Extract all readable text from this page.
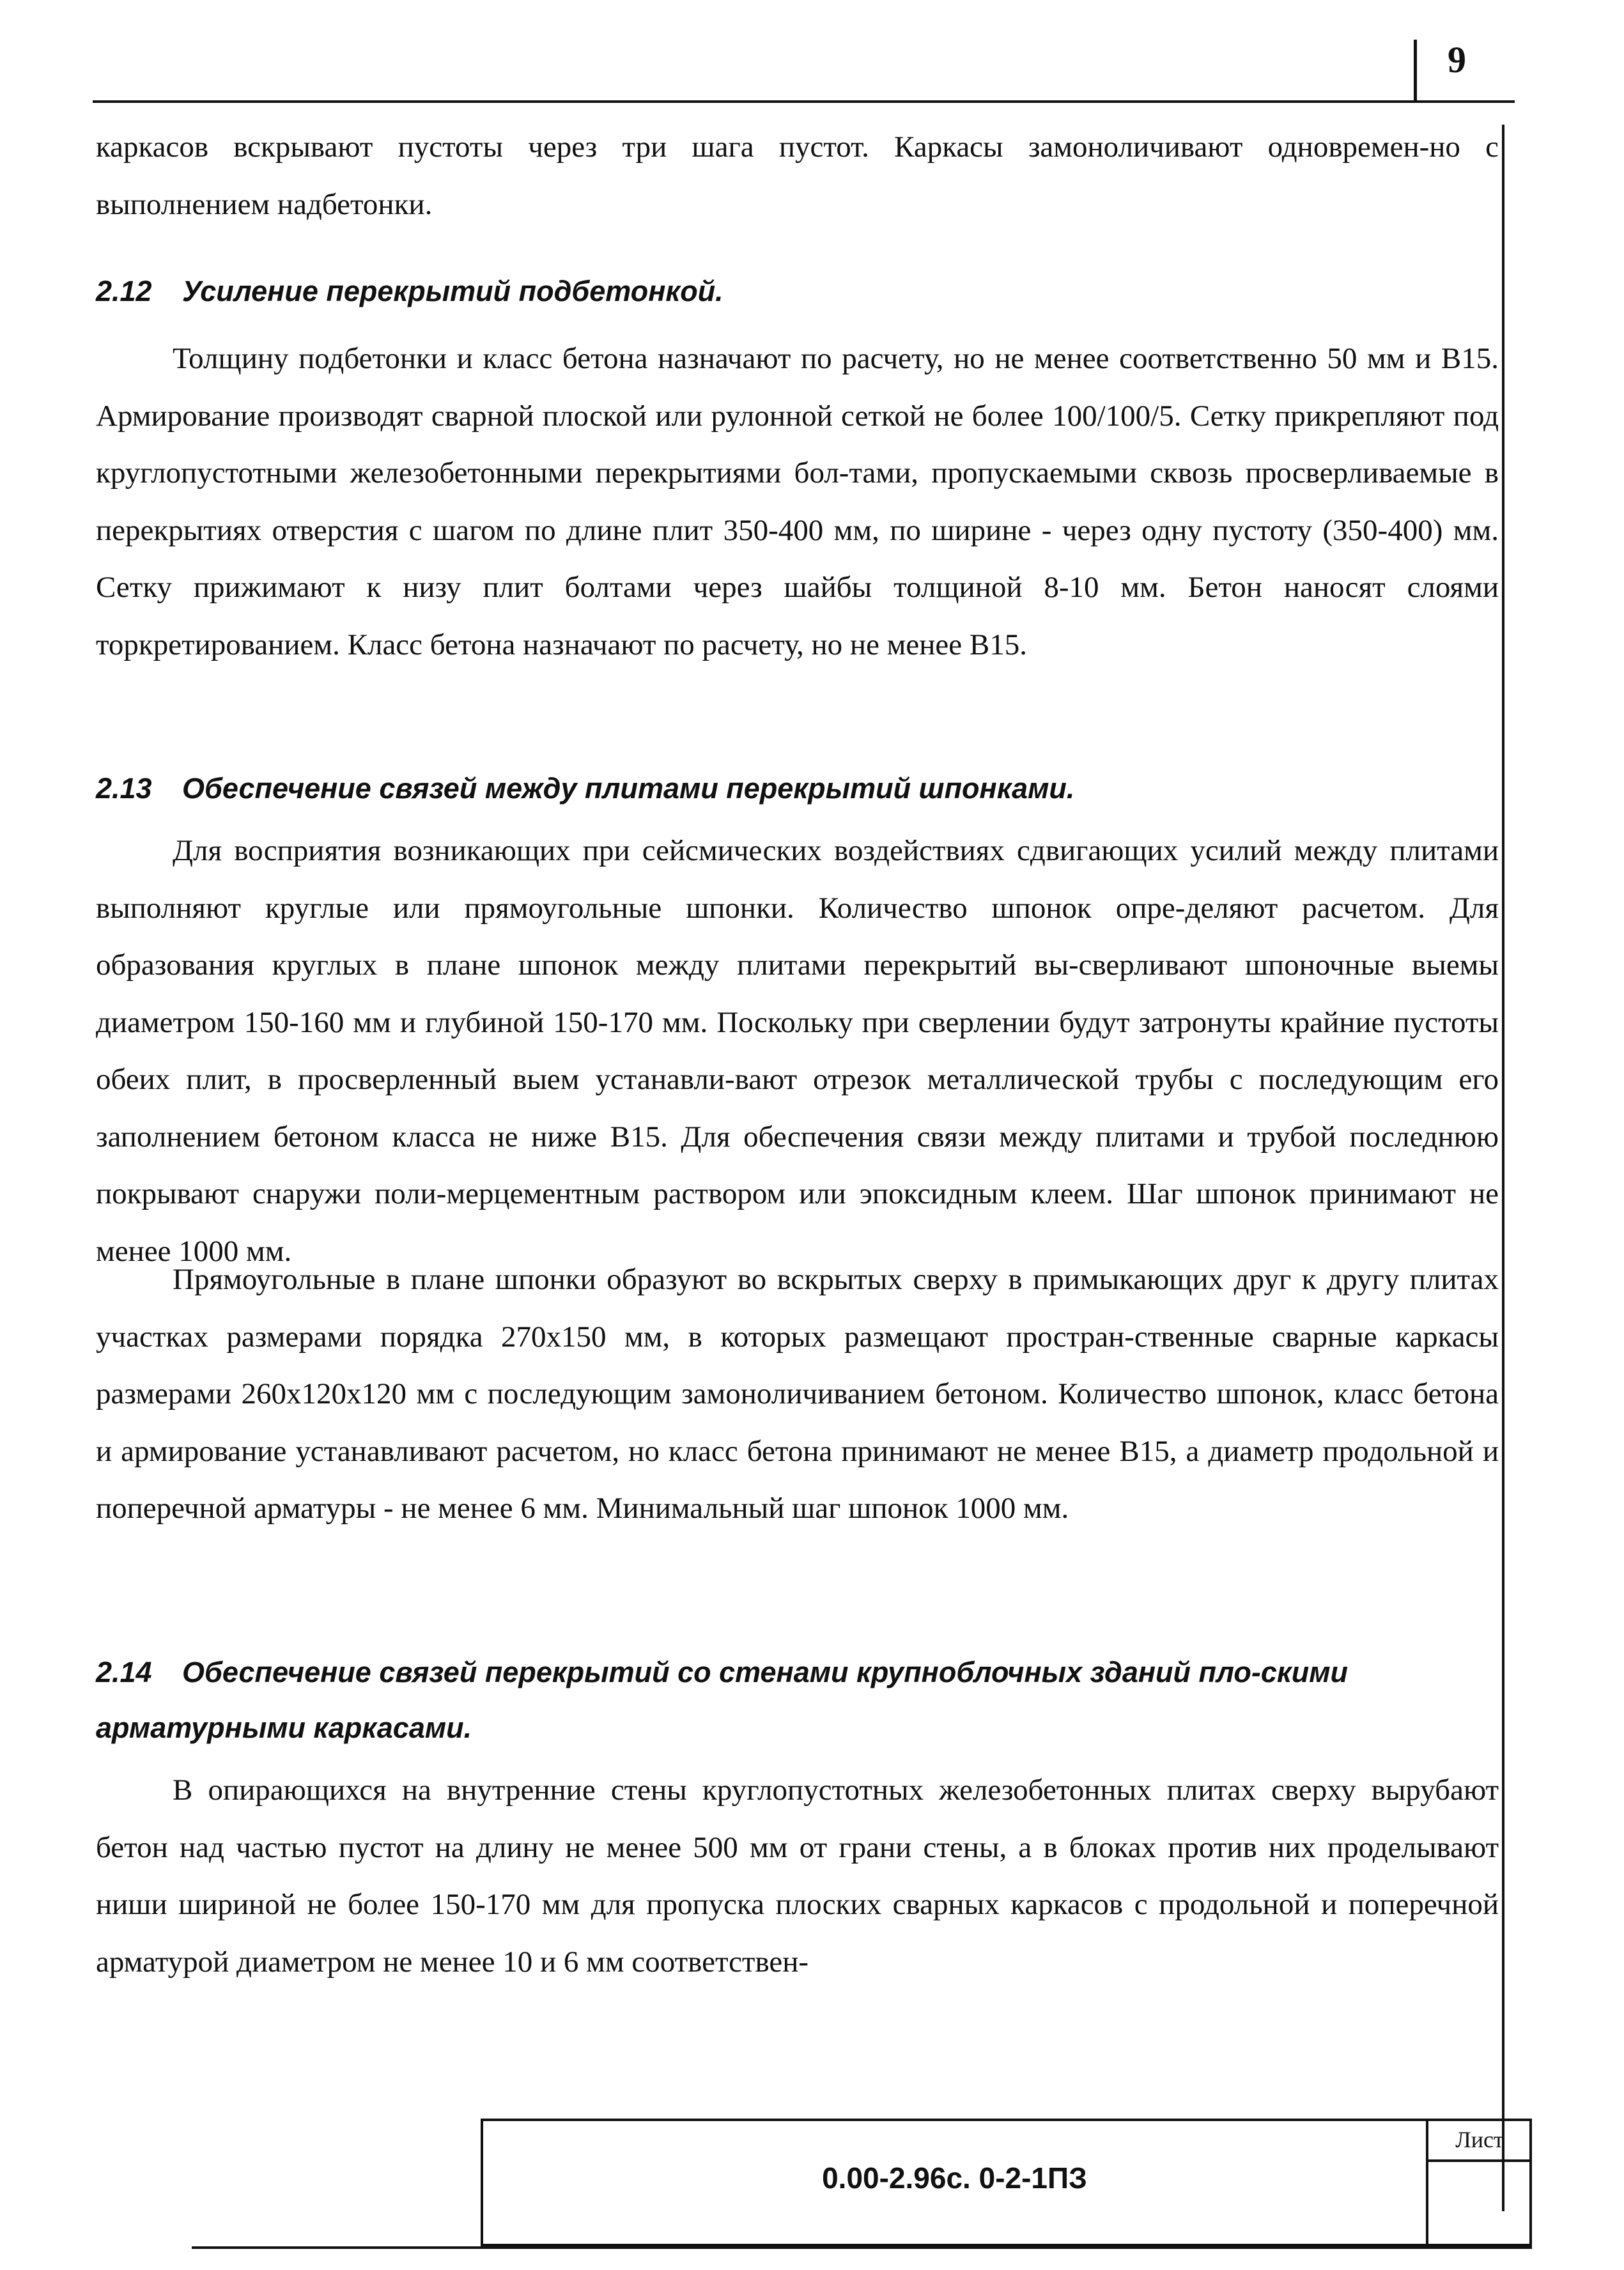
9
каркасов вскрывают пустоты через три шага пустот. Каркасы замоноличивают одновремен-но с выполнением надбетонки.
2.12 Усиление перекрытий подбетонкой.
Толщину подбетонки и класс бетона назначают по расчету, но не менее соответственно 50 мм и В15. Армирование производят сварной плоской или рулонной сеткой не более 100/100/5. Сетку прикрепляют под круглопустотными железобетонными перекрытиями бол-тами, пропускаемыми сквозь просверливаемые в перекрытиях отверстия с шагом по длине плит 350-400 мм, по ширине - через одну пустоту (350-400) мм. Сетку прижимают к низу плит болтами через шайбы толщиной 8-10 мм. Бетон наносят слоями торкретированием. Класс бетона назначают по расчету, но не менее В15.
2.13 Обеспечение связей между плитами перекрытий шпонками.
Для восприятия возникающих при сейсмических воздействиях сдвигающих усилий между плитами выполняют круглые или прямоугольные шпонки. Количество шпонок опре-деляют расчетом. Для образования круглых в плане шпонок между плитами перекрытий вы-сверливают шпоночные выемы диаметром 150-160 мм и глубиной 150-170 мм. Поскольку при сверлении будут затронуты крайние пустоты обеих плит, в просверленный выем устанавли-вают отрезок металлической трубы с последующим его заполнением бетоном класса не ниже В15. Для обеспечения связи между плитами и трубой последнюю покрывают снаружи поли-мерцементным раствором или эпоксидным клеем. Шаг шпонок принимают не менее 1000 мм.
Прямоугольные в плане шпонки образуют во вскрытых сверху в примыкающих друг к другу плитах участках размерами порядка 270х150 мм, в которых размещают простран-ственные сварные каркасы размерами 260х120х120 мм с последующим замоноличиванием бетоном. Количество шпонок, класс бетона и армирование устанавливают расчетом, но класс бетона принимают не менее В15, а диаметр продольной и поперечной арматуры - не менее 6 мм. Минимальный шаг шпонок 1000 мм.
2.14 Обеспечение связей перекрытий со стенами крупноблочных зданий пло-скими арматурными каркасами.
В опирающихся на внутренние стены круглопустотных железобетонных плитах сверху вырубают бетон над частью пустот на длину не менее 500 мм от грани стены, а в блоках против них проделывают ниши шириной не более 150-170 мм для пропуска плоских сварных каркасов с продольной и поперечной арматурой диаметром не менее 10 и 6 мм соответствен-
Лист
0.00-2.96с. 0-2-1ПЗ
